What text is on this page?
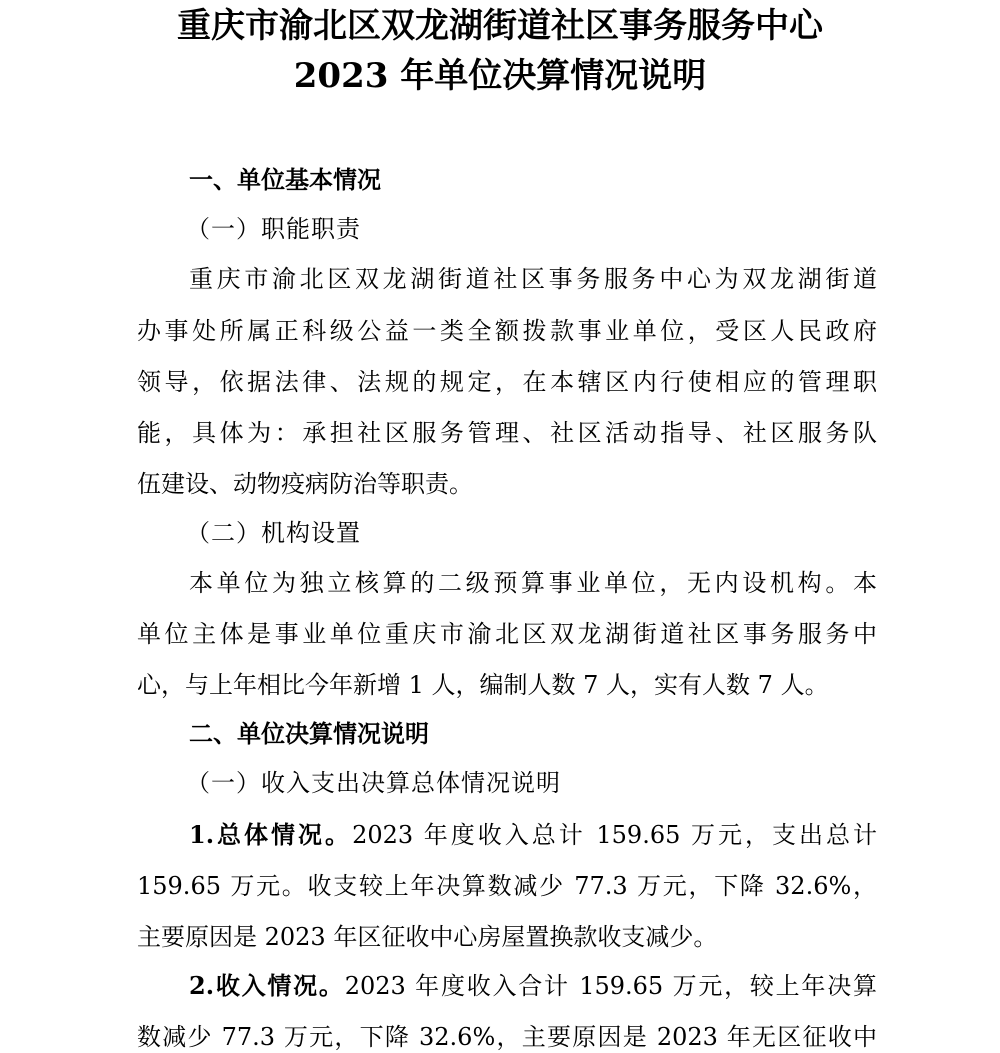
重庆市渝北区双龙湖街道社区事务服务中心
2023 年单位决算情况说明
一、单位基本情况
（一）职能职责
重庆市渝北区双龙湖街道社区事务服务中心为双龙湖街道
办事处所属正科级公益一类全额拨款事业单位，受区人民政府
领导，依据法律、法规的规定，在本辖区内行使相应的管理职
能，具体为：承担社区服务管理、社区活动指导、社区服务队
伍建设、动物疫病防治等职责。
（二）机构设置
本单位为独立核算的二级预算事业单位，无内设机构。本
单位主体是事业单位重庆市渝北区双龙湖街道社区事务服务中
心，与上年相比今年新增 1 人，编制人数 7 人，实有人数 7 人。
二、单位决算情况说明
（一）收入支出决算总体情况说明
1.总体情况。2023 年度收入总计 159.65 万元，支出总计
159.65 万元。收支较上年决算数减少 77.3 万元，下降 32.6%，
主要原因是 2023 年区征收中心房屋置换款收支减少。
2.收入情况。2023 年度收入合计 159.65 万元，较上年决算
数减少 77.3 万元，下降 32.6%，主要原因是 2023 年无区征收中
